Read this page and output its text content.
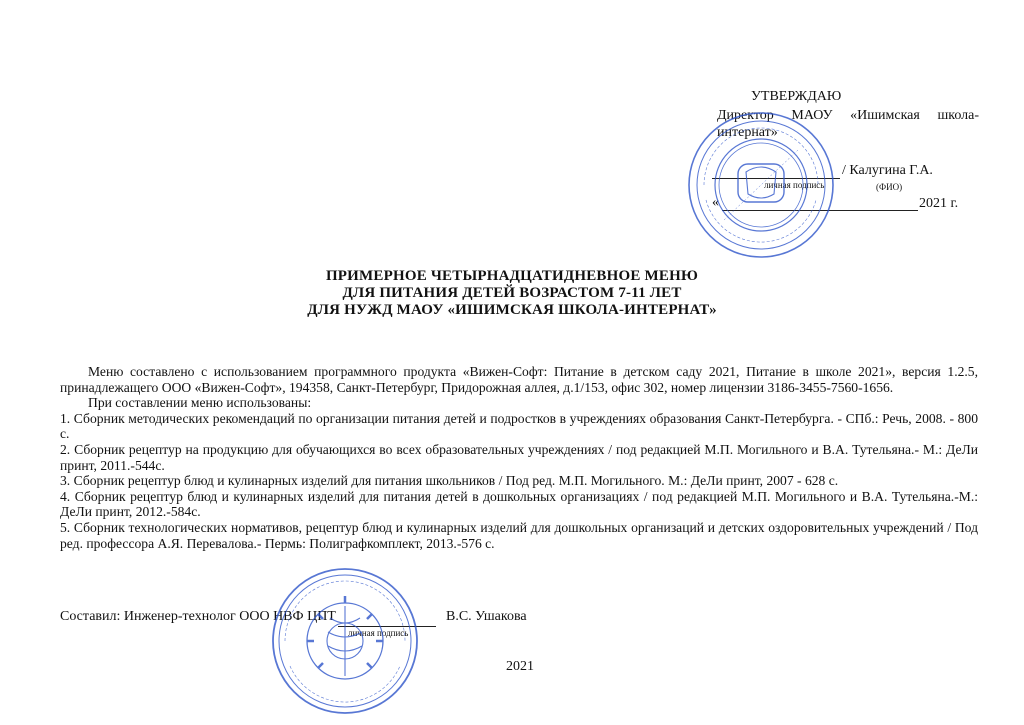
УТВЕРЖДАЮ
Директор МАОУ «Ишимская школа-
интернат»
/ Калугина Г.А.
личная подпись	(ФИО)
«	2021 г.
ПРИМЕРНОЕ ЧЕТЫРНАДЦАТИДНЕВНОЕ МЕНЮ
ДЛЯ ПИТАНИЯ ДЕТЕЙ ВОЗРАСТОМ 7-11 ЛЕТ
ДЛЯ НУЖД МАОУ «ИШИМСКАЯ ШКОЛА-ИНТЕРНАТ»

Меню составлено с использованием программного продукта «Вижен-Софт: Питание в детском саду 2021, Питание в школе 2021», версия 1.2.5, принадлежащего ООО «Вижен-Софт», 194358, Санкт-Петербург, Придорожная аллея, д.1/153, офис 302, номер лицензии 3186-3455-7560-1656.

При составлении меню использованы:

1. Сборник методических рекомендаций по организации питания детей и подростков в учреждениях образования Санкт-Петербурга. - СПб.: Речь, 2008. - 800 с.

2. Сборник рецептур на продукцию для обучающихся во всех образовательных учреждениях / под редакцией М.П. Могильного и В.А. Тутельяна.- М.: ДеЛи принт, 2011.-544с.

3. Сборник рецептур блюд и кулинарных изделий для питания школьников / Под ред. М.П. Могильного. М.: ДеЛи принт, 2007 - 628 с.

4. Сборник рецептур блюд и кулинарных изделий для питания детей в дошкольных организациях / под редакцией М.П. Могильного и В.А. Тутельяна.-М.: ДеЛи принт, 2012.-584с.

5. Сборник технологических нормативов, рецептур блюд и кулинарных изделий для дошкольных организаций и детских оздоровительных учреждений / Под ред. профессора А.Я. Перевалова.- Пермь: Полиграфкомплект, 2013.-576 с.

Составил: Инженер-технолог ООО НВФ ЦПТ
личная подпись
В.С. Ушакова
2021
